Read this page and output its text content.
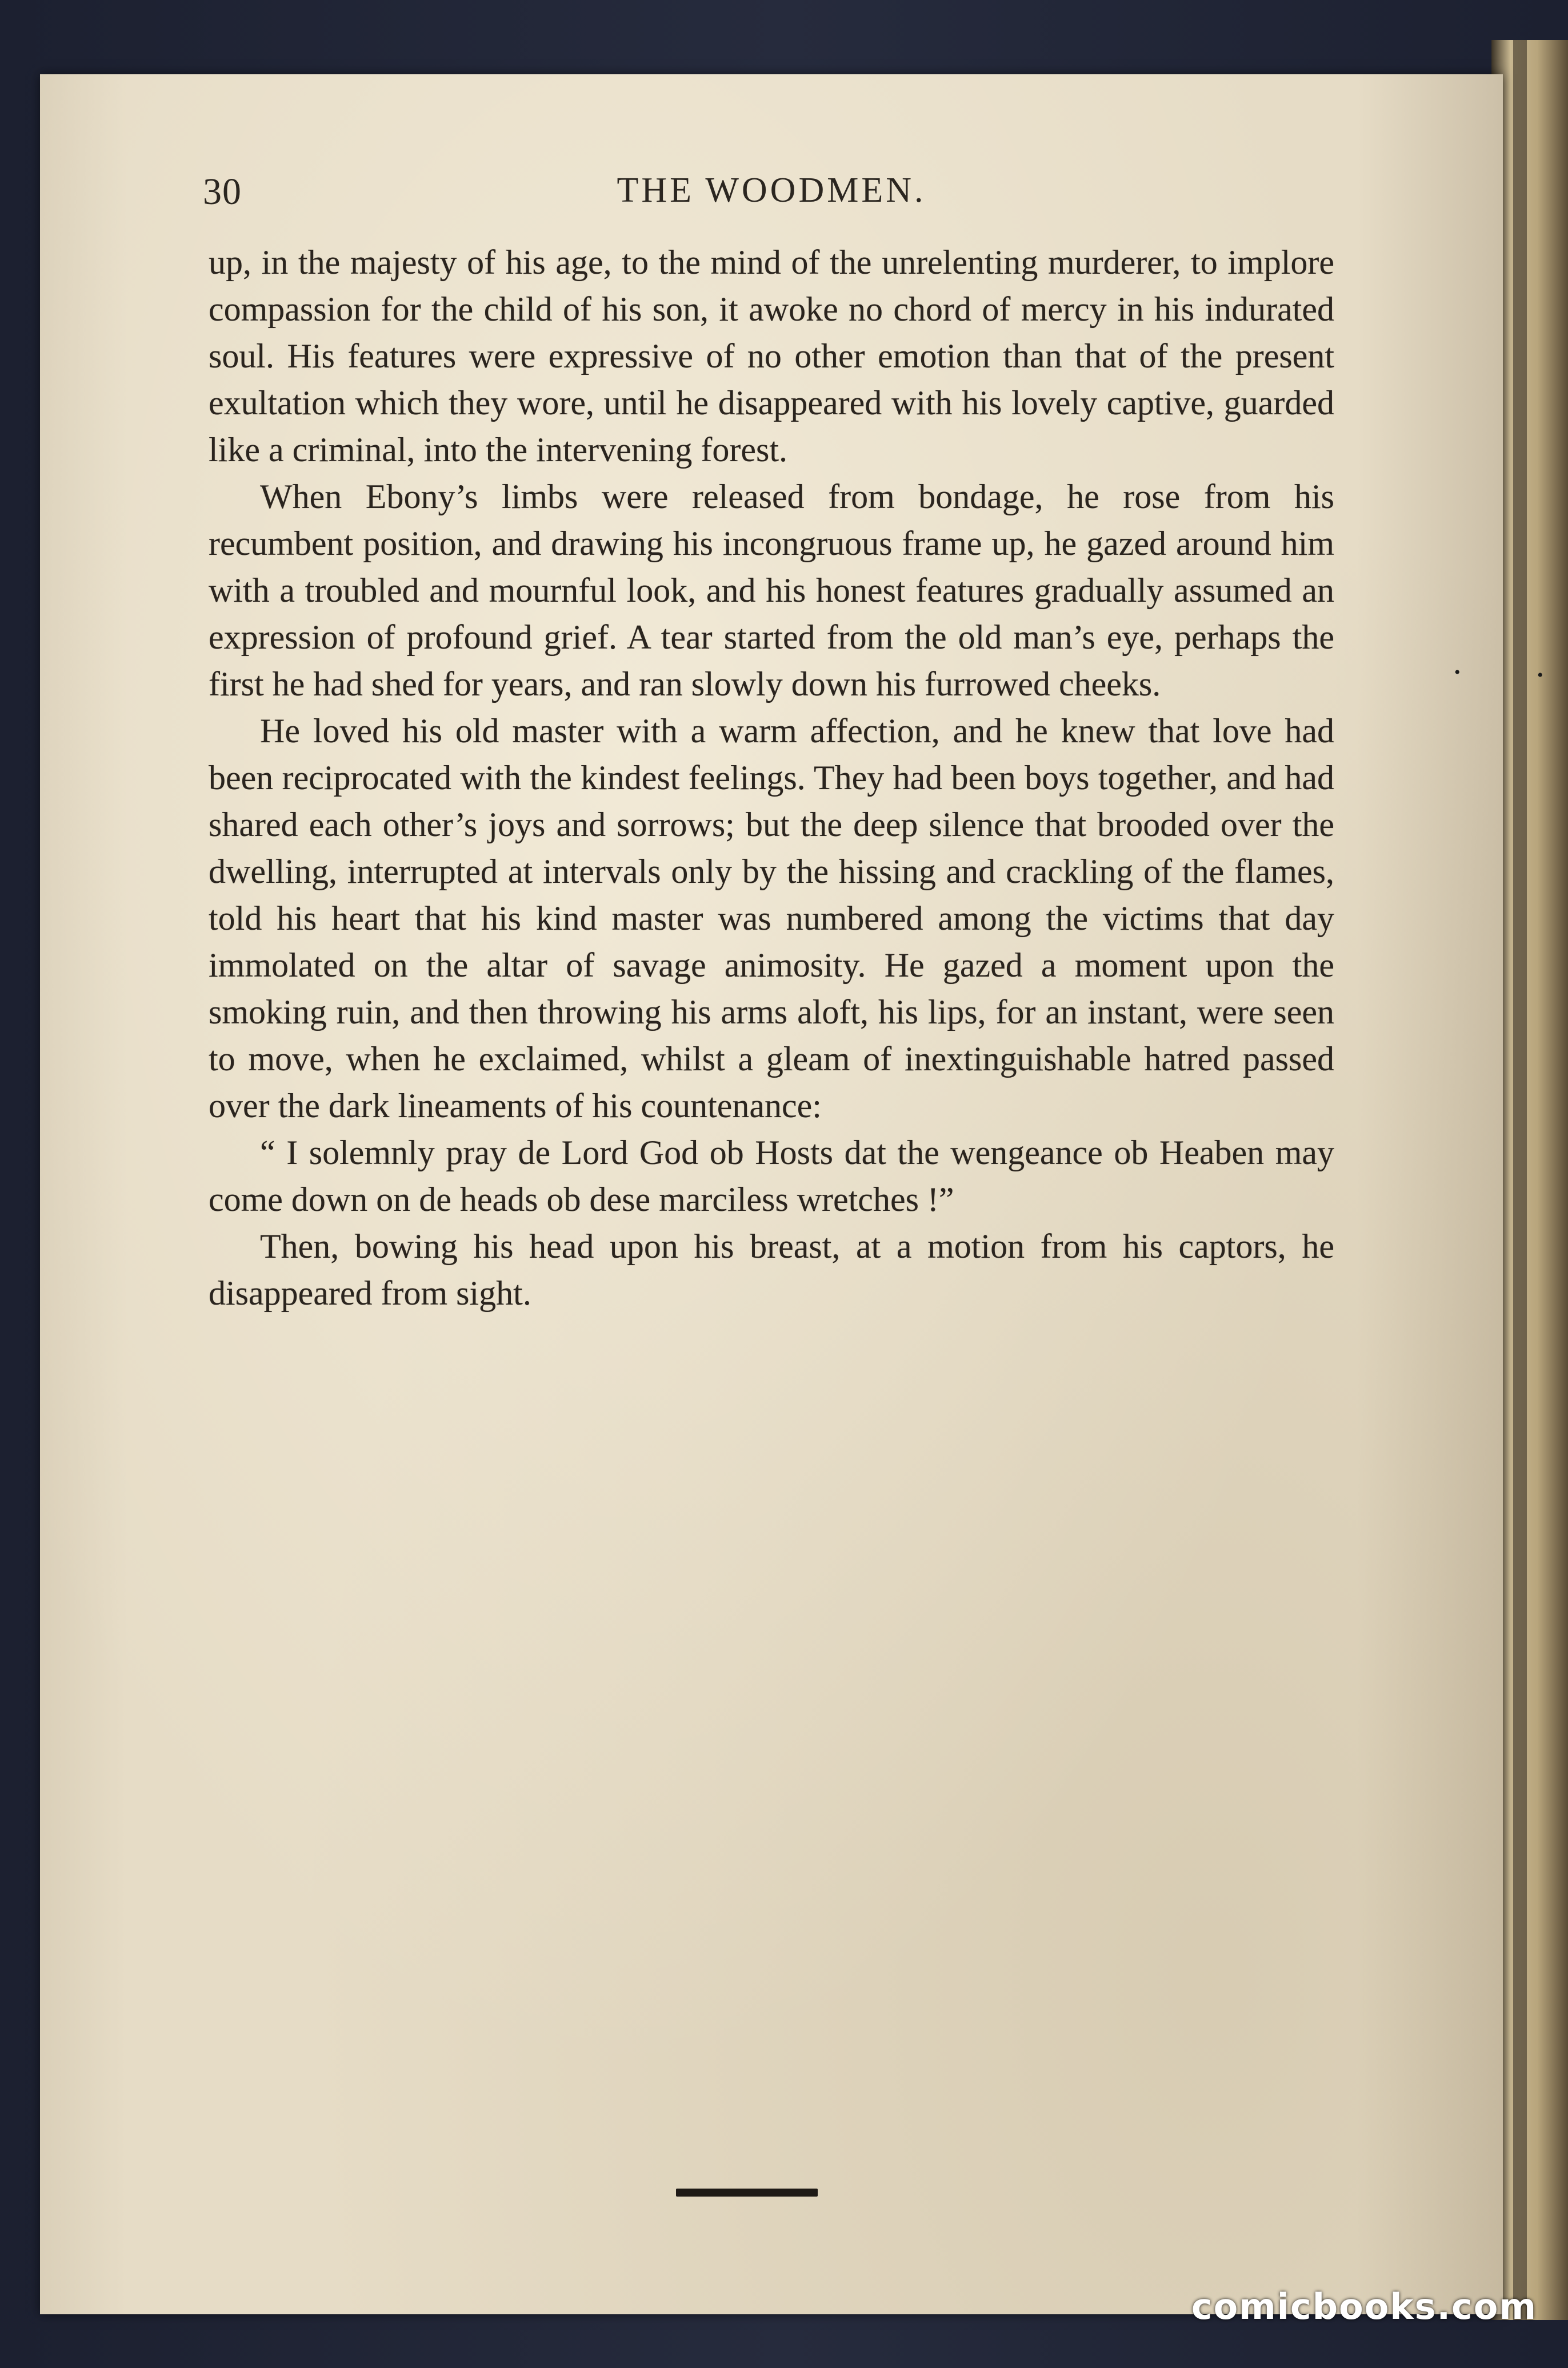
30	THE WOODMEN.

up, in the majesty of his age, to the mind of the unrelenting murderer, to implore compassion for the child of his son, it awoke no chord of mercy in his indurated soul. His features were expressive of no other emotion than that of the present exultation which they wore, until he disappeared with his lovely captive, guarded like a criminal, into the intervening forest.

When Ebony’s limbs were released from bondage, he rose from his recumbent position, and drawing his incongruous frame up, he gazed around him with a troubled and mournful look, and his honest features gradually assumed an expression of profound grief. A tear started from the old man’s eye, perhaps the first he had shed for years, and ran slowly down his furrowed cheeks.

He loved his old master with a warm affection, and he knew that love had been reciprocated with the kindest feelings. They had been boys together, and had shared each other’s joys and sorrows; but the deep silence that brooded over the dwelling, interrupted at intervals only by the hissing and crackling of the flames, told his heart that his kind master was numbered among the victims that day immolated on the altar of savage animosity. He gazed a moment upon the smoking ruin, and then throwing his arms aloft, his lips, for an instant, were seen to move, when he exclaimed, whilst a gleam of inextinguishable hatred passed over the dark lineaments of his countenance:

“ I solemnly pray de Lord God ob Hosts dat the wengeance ob Heaben may come down on de heads ob dese marciless wretches !”

Then, bowing his head upon his breast, at a motion from his captors, he disappeared from sight.

•	•
comicbooks.com
